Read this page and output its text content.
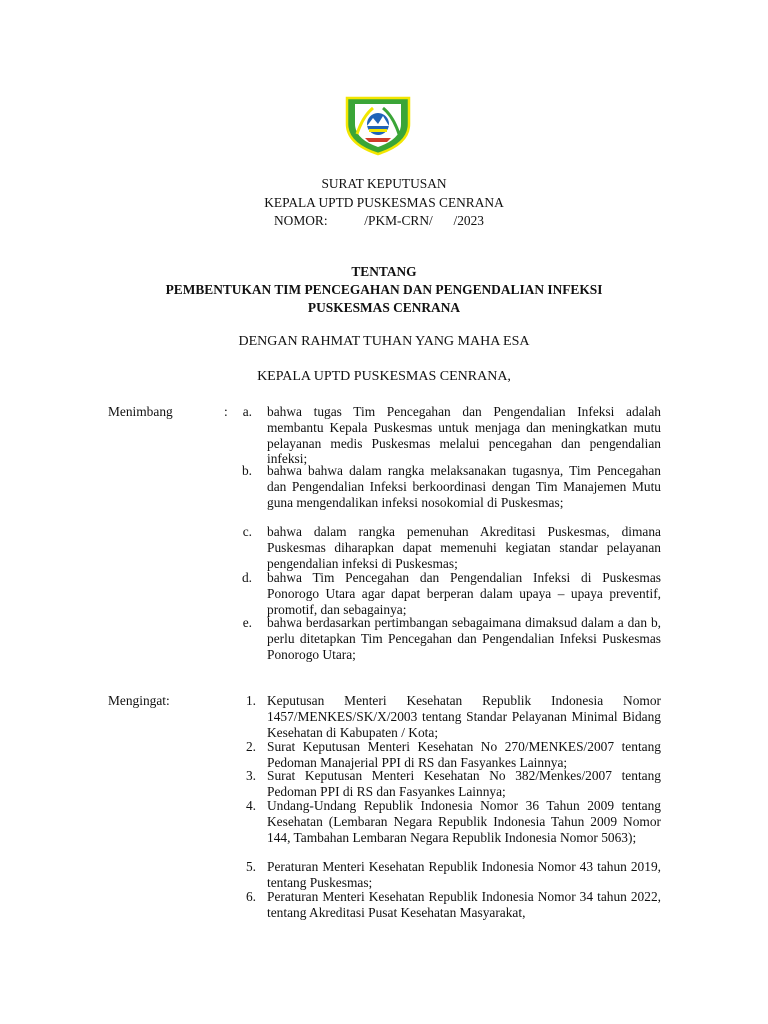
SURAT KEPUTUSAN
KEPALA UPTD PUSKESMAS CENRANA
NOMOR:	/PKM-CRN/ /2023
TENTANG
PEMBENTUKAN TIM PENCEGAHAN DAN PENGENDALIAN INFEKSI
PUSKESMAS CENRANA
DENGAN RAHMAT TUHAN YANG MAHA ESA
KEPALA UPTD PUSKESMAS CENRANA,
Menimbang	:	a. bahwa tugas Tim Pencegahan dan Pengendalian Infeksi adalah membantu Kepala Puskesmas untuk menjaga dan meningkatkan mutu pelayanan medis Puskesmas melalui pencegahan dan pengendalian infeksi;
b. bahwa bahwa dalam rangka melaksanakan tugasnya, Tim Pencegahan dan Pengendalian Infeksi berkoordinasi dengan Tim Manajemen Mutu guna mengendalikan infeksi nosokomial di Puskesmas;
c. bahwa dalam rangka pemenuhan Akreditasi Puskesmas, dimana Puskesmas diharapkan dapat memenuhi kegiatan standar pelayanan pengendalian infeksi di Puskesmas;
d. bahwa Tim Pencegahan dan Pengendalian Infeksi di Puskesmas Ponorogo Utara agar dapat berperan dalam upaya – upaya preventif, promotif, dan sebagainya;
e. bahwa berdasarkan pertimbangan sebagaimana dimaksud dalam a dan b, perlu ditetapkan Tim Pencegahan dan Pengendalian Infeksi Puskesmas Ponorogo Utara;
Mengingat:	1. Keputusan Menteri Kesehatan Republik Indonesia Nomor 1457/MENKES/SK/X/2003 tentang Standar Pelayanan Minimal Bidang Kesehatan di Kabupaten / Kota;
2. Surat Keputusan Menteri Kesehatan No 270/MENKES/2007 tentang Pedoman Manajerial PPI di RS dan Fasyankes Lainnya;
3. Surat Keputusan Menteri Kesehatan No 382/Menkes/2007 tentang Pedoman PPI di RS dan Fasyankes Lainnya;
4. Undang-Undang Republik Indonesia Nomor 36 Tahun 2009 tentang Kesehatan (Lembaran Negara Republik Indonesia Tahun 2009 Nomor 144, Tambahan Lembaran Negara Republik Indonesia Nomor 5063);
5. Peraturan Menteri Kesehatan Republik Indonesia Nomor 43 tahun 2019, tentang Puskesmas;
6. Peraturan Menteri Kesehatan Republik Indonesia Nomor 34 tahun 2022, tentang Akreditasi Pusat Kesehatan Masyarakat,
